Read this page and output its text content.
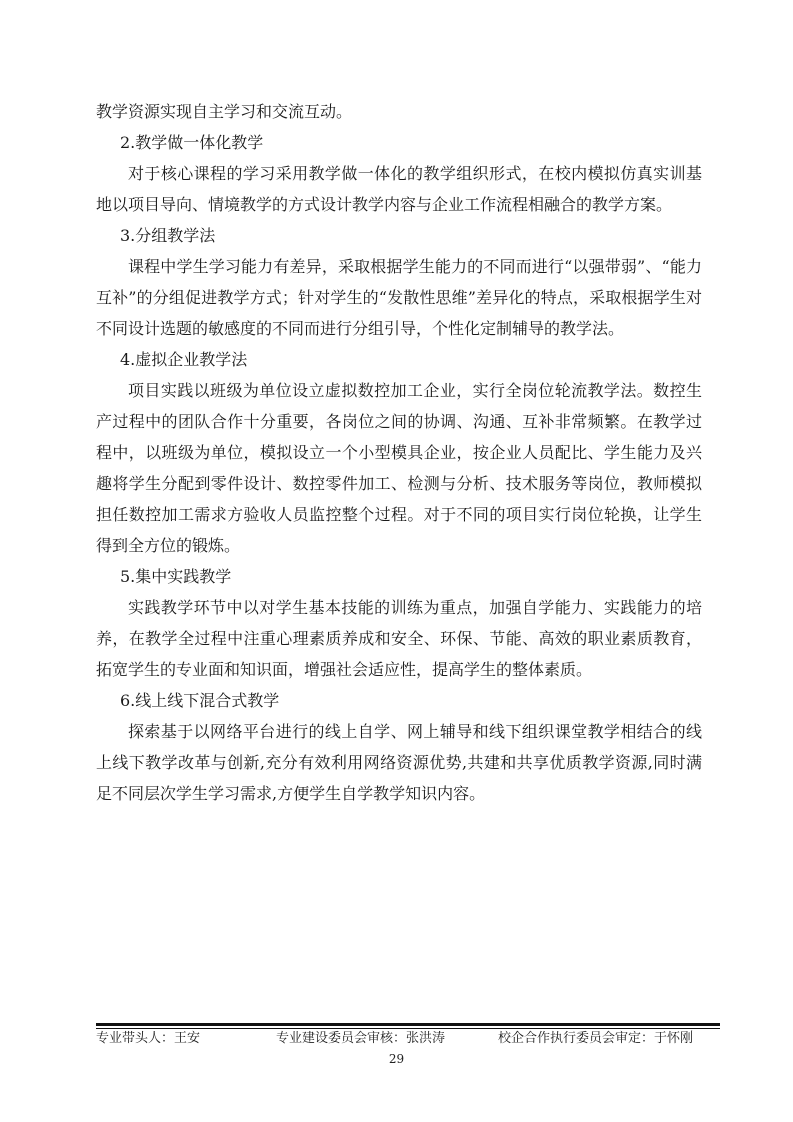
教学资源实现自主学习和交流互动。

2.教学做一体化教学

对于核心课程的学习采用教学做一体化的教学组织形式，在校内模拟仿真实训基地以项目导向、情境教学的方式设计教学内容与企业工作流程相融合的教学方案。

3.分组教学法

课程中学生学习能力有差异，采取根据学生能力的不同而进行“以强带弱”、“能力互补”的分组促进教学方式；针对学生的“发散性思维”差异化的特点，采取根据学生对不同设计选题的敏感度的不同而进行分组引导，个性化定制辅导的教学法。

4.虚拟企业教学法

项目实践以班级为单位设立虚拟数控加工企业，实行全岗位轮流教学法。数控生产过程中的团队合作十分重要，各岗位之间的协调、沟通、互补非常频繁。在教学过程中，以班级为单位，模拟设立一个小型模具企业，按企业人员配比、学生能力及兴趣将学生分配到零件设计、数控零件加工、检测与分析、技术服务等岗位，教师模拟担任数控加工需求方验收人员监控整个过程。对于不同的项目实行岗位轮换，让学生得到全方位的锻炼。

5.集中实践教学

实践教学环节中以对学生基本技能的训练为重点，加强自学能力、实践能力的培养，在教学全过程中注重心理素质养成和安全、环保、节能、高效的职业素质教育，拓宽学生的专业面和知识面，增强社会适应性，提高学生的整体素质。

6.线上线下混合式教学

探索基于以网络平台进行的线上自学、网上辅导和线下组织课堂教学相结合的线上线下教学改革与创新,充分有效利用网络资源优势,共建和共享优质教学资源,同时满足不同层次学生学习需求,方便学生自学教学知识内容。

专业带头人：王安	专业建设委员会审核：张洪涛	校企合作执行委员会审定：于怀刚
29
